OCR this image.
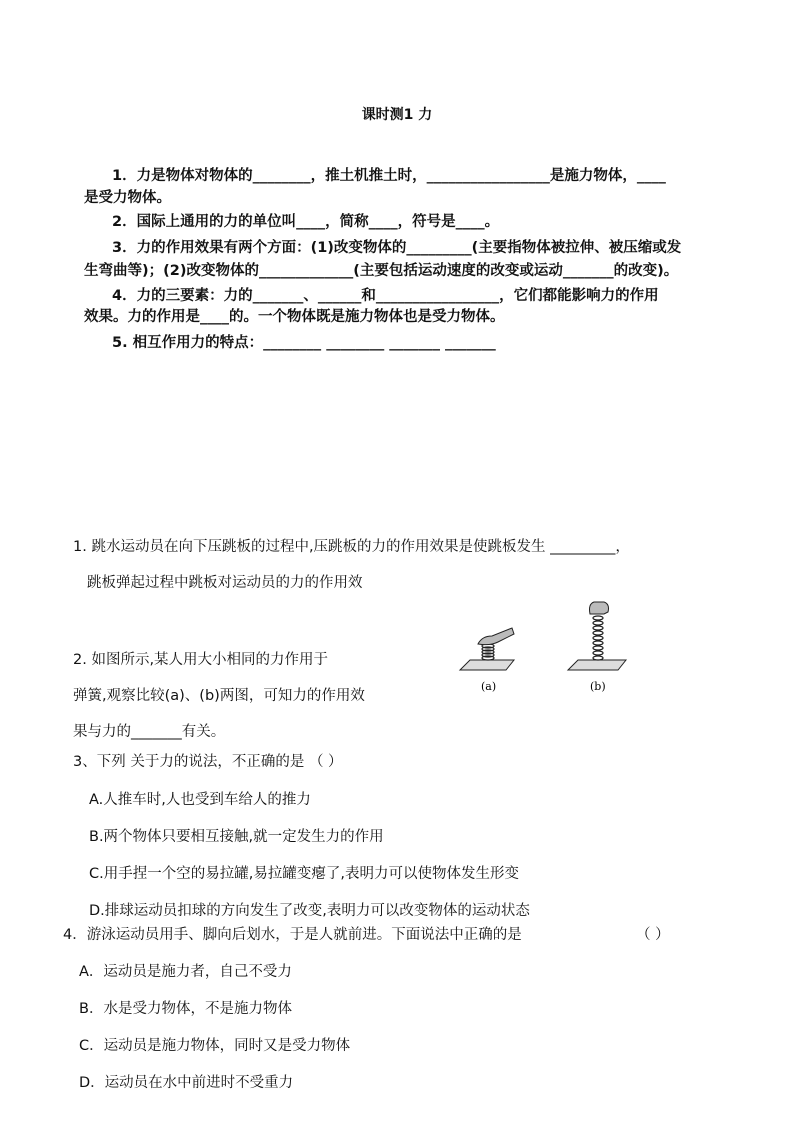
课时测1 力
1．力是物体对物体的________，推土机推土时，_________________是施力物体，____
是受力物体。
2．国际上通用的力的单位叫____，简称____，符号是____。
3．力的作用效果有两个方面：(1)改变物体的_________(主要指物体被拉伸、被压缩或发
生弯曲等)；(2)改变物体的_____________(主要包括运动速度的改变或运动_______的改变)。
4．力的三要素：力的_______、______和_________________，它们都能影响力的作用
效果。力的作用是____的。一个物体既是施力物体也是受力物体。
5. 相互作用力的特点：________ ________ _______ _______
1. 跳水运动员在向下压跳板的过程中,压跳板的力的作用效果是使跳板发生 _________，
跳板弹起过程中跳板对运动员的力的作用效
2. 如图所示,某人用大小相同的力作用于
弹簧,观察比较(a)、(b)两图，可知力的作用效
果与力的_______有关。
(a)	(b)
3、下列 关于力的说法，不正确的是 （ ）
A.人推车时,人也受到车给人的推力
B.两个物体只要相互接触,就一定发生力的作用
C.用手捏一个空的易拉罐,易拉罐变瘪了,表明力可以使物体发生形变
D.排球运动员扣球的方向发生了改变,表明力可以改变物体的运动状态
4．游泳运动员用手、脚向后划水，于是人就前进。下面说法中正确的是	（ ）
A．运动员是施力者，自己不受力
B．水是受力物体，不是施力物体
C．运动员是施力物体，同时又是受力物体
D．运动员在水中前进时不受重力
